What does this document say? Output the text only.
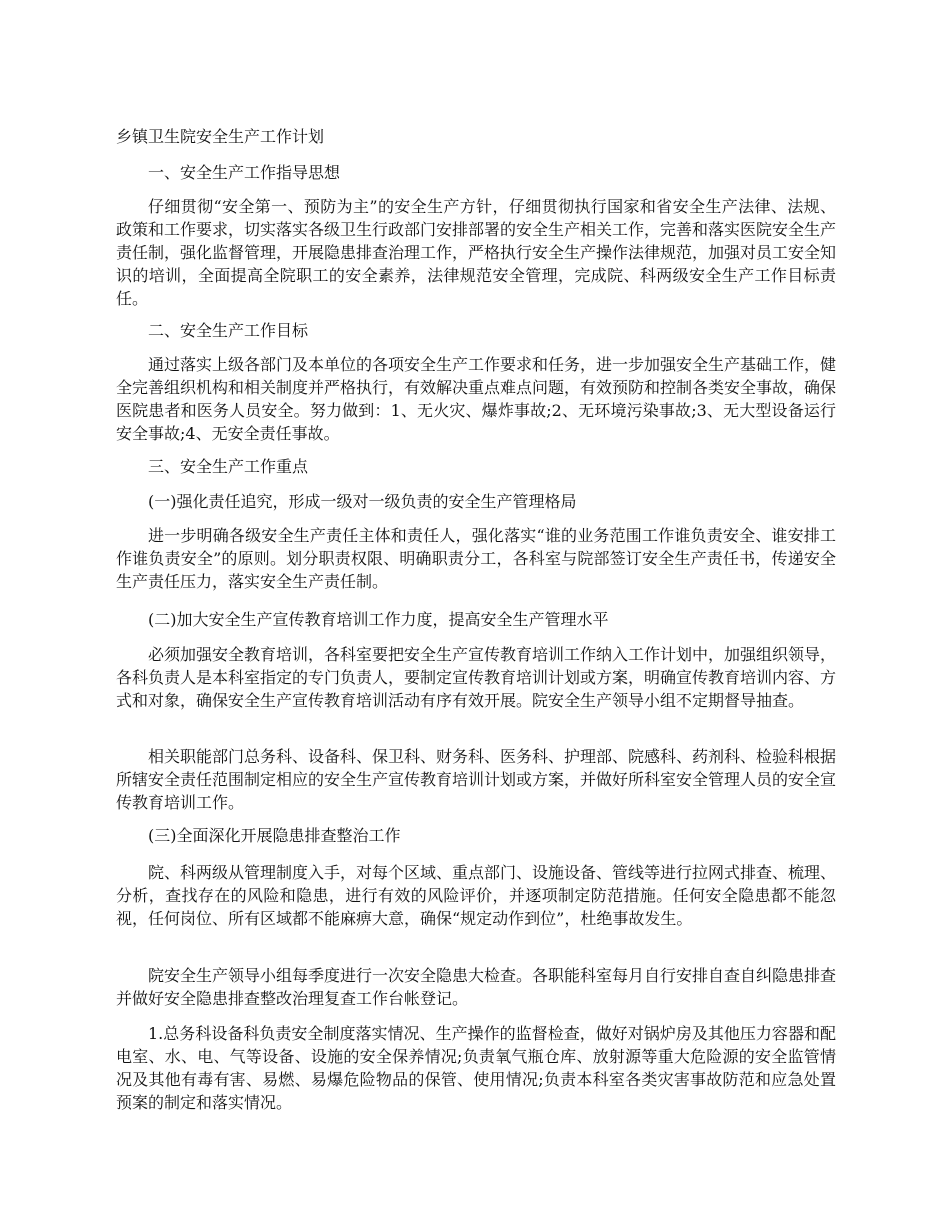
乡镇卫生院安全生产工作计划

一、安全生产工作指导思想

仔细贯彻“安全第一、预防为主”的安全生产方针，仔细贯彻执行国家和省安全生产法律、法规、政策和工作要求，切实落实各级卫生行政部门安排部署的安全生产相关工作，完善和落实医院安全生产责任制，强化监督管理，开展隐患排查治理工作，严格执行安全生产操作法律规范，加强对员工安全知识的培训，全面提高全院职工的安全素养，法律规范安全管理，完成院、科两级安全生产工作目标责任。

二、安全生产工作目标

通过落实上级各部门及本单位的各项安全生产工作要求和任务，进一步加强安全生产基础工作，健全完善组织机构和相关制度并严格执行，有效解决重点难点问题，有效预防和控制各类安全事故，确保医院患者和医务人员安全。努力做到：1、无火灾、爆炸事故;2、无环境污染事故;3、无大型设备运行安全事故;4、无安全责任事故。

三、安全生产工作重点

(一)强化责任追究，形成一级对一级负责的安全生产管理格局

进一步明确各级安全生产责任主体和责任人，强化落实“谁的业务范围工作谁负责安全、谁安排工作谁负责安全”的原则。划分职责权限、明确职责分工，各科室与院部签订安全生产责任书，传递安全生产责任压力，落实安全生产责任制。

(二)加大安全生产宣传教育培训工作力度，提高安全生产管理水平

必须加强安全教育培训，各科室要把安全生产宣传教育培训工作纳入工作计划中，加强组织领导，各科负责人是本科室指定的专门负责人，要制定宣传教育培训计划或方案，明确宣传教育培训内容、方式和对象，确保安全生产宣传教育培训活动有序有效开展。院安全生产领导小组不定期督导抽查。

相关职能部门总务科、设备科、保卫科、财务科、医务科、护理部、院感科、药剂科、检验科根据所辖安全责任范围制定相应的安全生产宣传教育培训计划或方案，并做好所科室安全管理人员的安全宣传教育培训工作。

(三)全面深化开展隐患排查整治工作

院、科两级从管理制度入手，对每个区域、重点部门、设施设备、管线等进行拉网式排查、梳理、分析，查找存在的风险和隐患，进行有效的风险评价，并逐项制定防范措施。任何安全隐患都不能忽视，任何岗位、所有区域都不能麻痹大意，确保“规定动作到位”，杜绝事故发生。

院安全生产领导小组每季度进行一次安全隐患大检查。各职能科室每月自行安排自查自纠隐患排查并做好安全隐患排查整改治理复查工作台帐登记。

1.总务科设备科负责安全制度落实情况、生产操作的监督检查，做好对锅炉房及其他压力容器和配电室、水、电、气等设备、设施的安全保养情况;负责氧气瓶仓库、放射源等重大危险源的安全监管情况及其他有毒有害、易燃、易爆危险物品的保管、使用情况;负责本科室各类灾害事故防范和应急处置预案的制定和落实情况。
